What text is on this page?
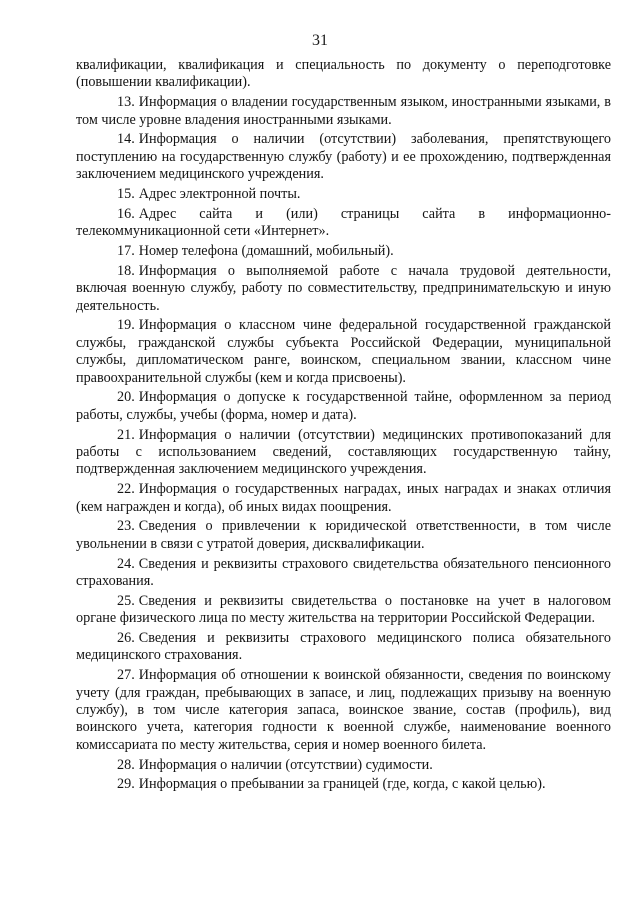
31

квалификации, квалификация и специальность по документу о переподготовке (повышении квалификации).

13. Информация о владении государственным языком, иностранными языками, в том числе уровне владения иностранными языками.

14. Информация о наличии (отсутствии) заболевания, препятствующего поступлению на государственную службу (работу) и ее прохождению, подтвержденная заключением медицинского учреждения.

15. Адрес электронной почты.

16. Адрес сайта и (или) страницы сайта в информационно-телекоммуникационной сети «Интернет».

17. Номер телефона (домашний, мобильный).

18. Информация о выполняемой работе с начала трудовой деятельности, включая военную службу, работу по совместительству, предпринимательскую и иную деятельность.

19. Информация о классном чине федеральной государственной гражданской службы, гражданской службы субъекта Российской Федерации, муниципальной службы, дипломатическом ранге, воинском, специальном звании, классном чине правоохранительной службы (кем и когда присвоены).

20. Информация о допуске к государственной тайне, оформленном за период работы, службы, учебы (форма, номер и дата).

21. Информация о наличии (отсутствии) медицинских противопоказаний для работы с использованием сведений, составляющих государственную тайну, подтвержденная заключением медицинского учреждения.

22. Информация о государственных наградах, иных наградах и знаках отличия (кем награжден и когда), об иных видах поощрения.

23. Сведения о привлечении к юридической ответственности, в том числе увольнении в связи с утратой доверия, дисквалификации.

24. Сведения и реквизиты страхового свидетельства обязательного пенсионного страхования.

25. Сведения и реквизиты свидетельства о постановке на учет в налоговом органе физического лица по месту жительства на территории Российской Федерации.

26. Сведения и реквизиты страхового медицинского полиса обязательного медицинского страхования.

27. Информация об отношении к воинской обязанности, сведения по воинскому учету (для граждан, пребывающих в запасе, и лиц, подлежащих призыву на военную службу), в том числе категория запаса, воинское звание, состав (профиль), вид воинского учета, категория годности к военной службе, наименование военного комиссариата по месту жительства, серия и номер военного билета.

28. Информация о наличии (отсутствии) судимости.

29. Информация о пребывании за границей (где, когда, с какой целью).
